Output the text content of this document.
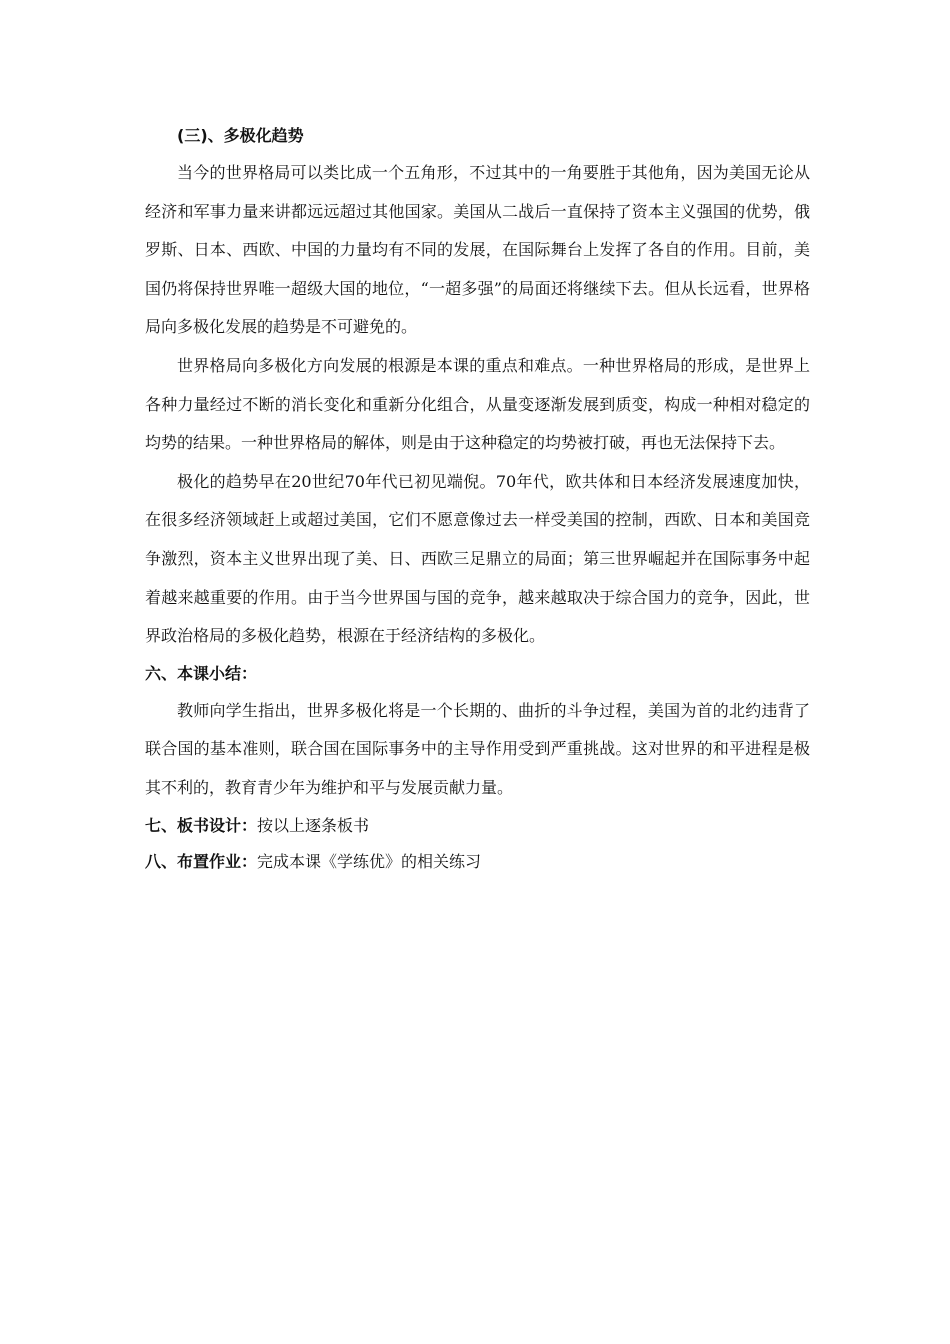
(三)、多极化趋势

当今的世界格局可以类比成一个五角形，不过其中的一角要胜于其他角，因为美国无论从经济和军事力量来讲都远远超过其他国家。美国从二战后一直保持了资本主义强国的优势，俄罗斯、日本、西欧、中国的力量均有不同的发展，在国际舞台上发挥了各自的作用。目前，美国仍将保持世界唯一超级大国的地位，“一超多强”的局面还将继续下去。但从长远看，世界格局向多极化发展的趋势是不可避免的。

世界格局向多极化方向发展的根源是本课的重点和难点。一种世界格局的形成，是世界上各种力量经过不断的消长变化和重新分化组合，从量变逐渐发展到质变，构成一种相对稳定的均势的结果。一种世界格局的解体，则是由于这种稳定的均势被打破，再也无法保持下去。

极化的趋势早在20世纪70年代已初见端倪。70年代，欧共体和日本经济发展速度加快，在很多经济领域赶上或超过美国，它们不愿意像过去一样受美国的控制，西欧、日本和美国竞争激烈，资本主义世界出现了美、日、西欧三足鼎立的局面；第三世界崛起并在国际事务中起着越来越重要的作用。由于当今世界国与国的竞争，越来越取决于综合国力的竞争，因此，世界政治格局的多极化趋势，根源在于经济结构的多极化。

六、本课小结：

教师向学生指出，世界多极化将是一个长期的、曲折的斗争过程，美国为首的北约违背了联合国的基本准则，联合国在国际事务中的主导作用受到严重挑战。这对世界的和平进程是极其不利的，教育青少年为维护和平与发展贡献力量。

七、板书设计：按以上逐条板书

八、布置作业：完成本课《学练优》的相关练习
